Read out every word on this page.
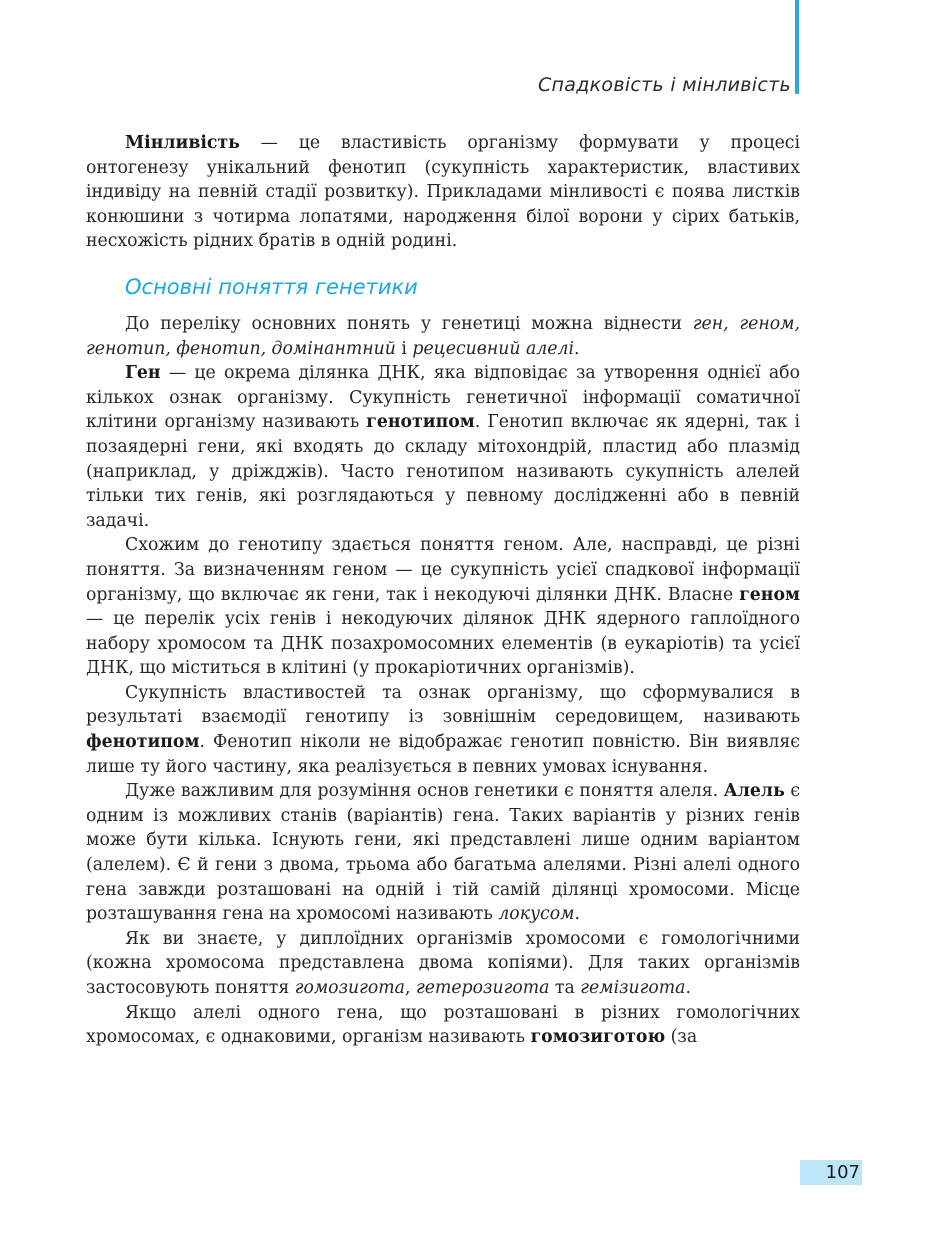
Спадковість і мінливість

Мінливість — це властивість організму формувати у процесі онтогенезу унікальний фенотип (сукупність характеристик, властивих індивіду на певній стадії розвитку). Прикладами мінливості є поява листків конюшини з чотирма лопатями, народження білої ворони у сірих батьків, несхожість рідних братів в одній родині.

Основні поняття генетики

До переліку основних понять у генетиці можна віднести ген, геном, генотип, фенотип, домінантний і рецесивний алелі.

Ген — це окрема ділянка ДНК, яка відповідає за утворення однієї або кількох ознак організму. Сукупність генетичної інформації соматичної клітини організму називають генотипом. Генотип включає як ядерні, так і позаядерні гени, які входять до складу мітохондрій, пластид або плазмід (наприклад, у дріжджів). Часто генотипом називають сукупність алелей тільки тих генів, які розглядаються у певному дослідженні або в певній задачі.

Схожим до генотипу здається поняття геном. Але, насправді, це різні поняття. За визначенням геном — це сукупність усієї спадкової інформації організму, що включає як гени, так і некодуючі ділянки ДНК. Власне геном — це перелік усіх генів і некодуючих ділянок ДНК ядерного гаплоїдного набору хромосом та ДНК позахромосомних елементів (в еукаріотів) та усієї ДНК, що міститься в клітині (у прокаріотичних організмів).

Сукупність властивостей та ознак організму, що сформувалися в результаті взаємодії генотипу із зовнішнім середовищем, називають фенотипом. Фенотип ніколи не відображає генотип повністю. Він виявляє лише ту його частину, яка реалізується в певних умовах існування.

Дуже важливим для розуміння основ генетики є поняття алеля. Алель є одним із можливих станів (варіантів) гена. Таких варіантів у різних генів може бути кілька. Існують гени, які представлені лише одним варіантом (алелем). Є й гени з двома, трьома або багатьма алелями. Різні алелі одного гена завжди розташовані на одній і тій самій ділянці хромосоми. Місце розташування гена на хромосомі називають локусом.

Як ви знаєте, у диплоїдних організмів хромосоми є гомологічними (кожна хромосома представлена двома копіями). Для таких організмів застосовують поняття гомозигота, гетерозигота та гемізигота.

Якщо алелі одного гена, що розташовані в різних гомологічних хромосомах, є однаковими, організм називають гомозиготою (за

107
